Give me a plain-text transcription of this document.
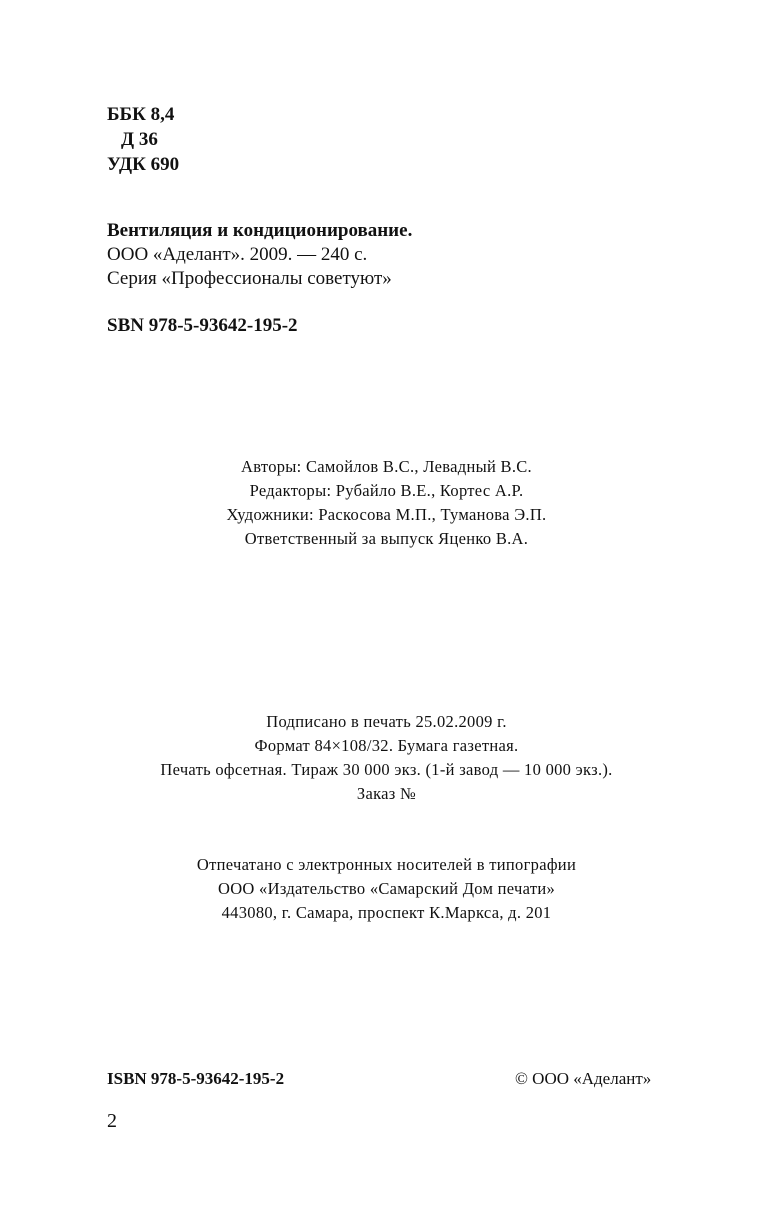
ББК 8,4
Д 36
УДК 690
Вентиляция и кондиционирование.
ООО «Аделант». 2009. — 240 с.
Серия «Профессионалы советуют»
SBN 978-5-93642-195-2
Авторы: Самойлов В.С., Левадный В.С.
Редакторы: Рубайло В.Е., Кортес А.Р.
Художники: Раскосова М.П., Туманова Э.П.
Ответственный за выпуск Яценко В.А.
Подписано в печать 25.02.2009 г.
Формат 84×108/32. Бумага газетная.
Печать офсетная. Тираж 30 000 экз. (1-й завод — 10 000 экз.).
Заказ №
Отпечатано с электронных носителей в типографии
ООО «Издательство «Самарский Дом печати»
443080, г. Самара, проспект К.Маркса, д. 201
ISBN 978-5-93642-195-2	© ООО «Аделант»
2
